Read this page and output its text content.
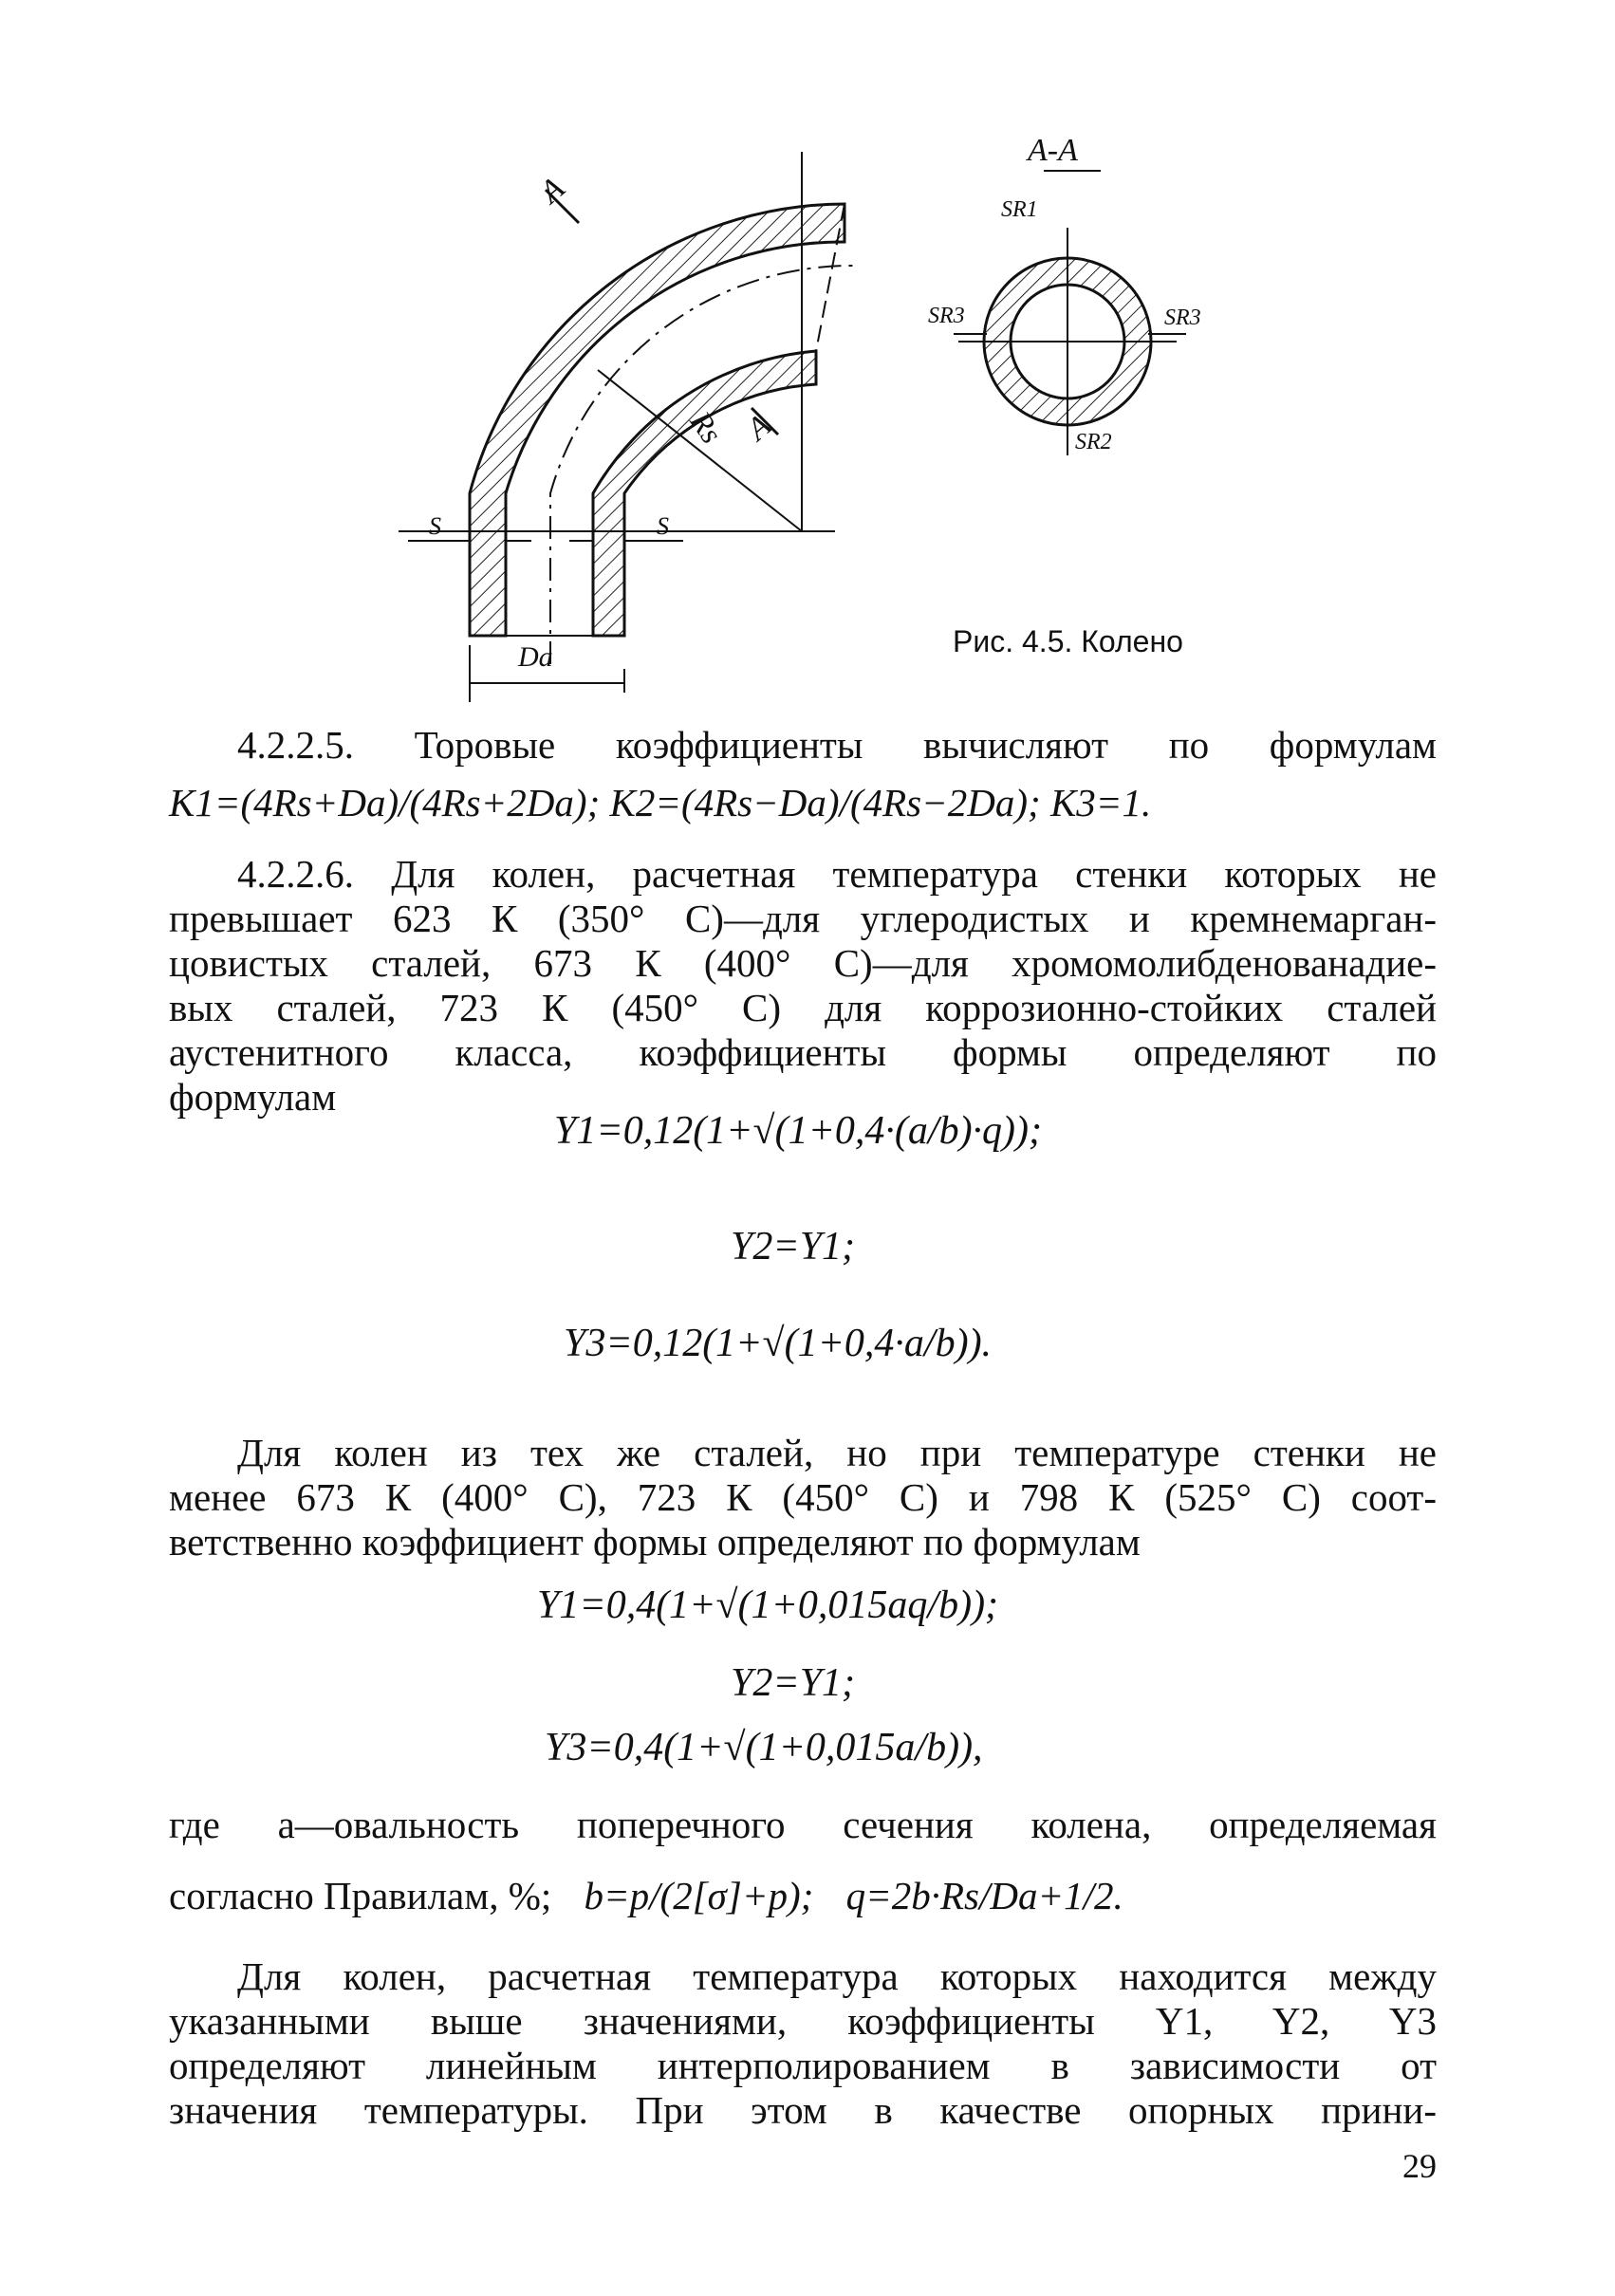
A-A
A
A
Rs
S	S
Da
SR1
SR2
SR3	SR3
Рис. 4.5. Колено
4.2.2.5. Торовые коэффициенты вычисляют по формулам
K1=(4Rs+Da)/(4Rs+2Da); K2=(4Rs−Da)/(4Rs−2Da); K3=1.
4.2.2.6. Для колен, расчетная температура стенки которых не
превышает 623 К (350° С)—для углеродистых и кремнемарган-
цовистых сталей, 673 К (400° С)—для хромомолибденованадие-
вых сталей, 723 К (450° С) для коррозионно-стойких сталей
аустенитного класса, коэффициенты формы определяют по
формулам
Y1=0,12(1+√(1+0,4·(a/b)·q));
Y2=Y1;
Y3=0,12(1+√(1+0,4·a/b)).
Для колен из тех же сталей, но при температуре стенки не
менее 673 К (400° С), 723 К (450° С) и 798 К (525° С) соот-
ветственно коэффициент формы определяют по формулам
Y1=0,4(1+√(1+0,015aq/b));
Y2=Y1;
Y3=0,4(1+√(1+0,015a/b)),
где а—овальность поперечного сечения колена, определяемая
согласно Правилам, %; b=p/(2[σ]+p); q=2b·Rs/Da+1/2.
Для колен, расчетная температура которых находится между
указанными выше значениями, коэффициенты Y1, Y2, Y3
определяют линейным интерполированием в зависимости от
значения температуры. При этом в качестве опорных прини-
29
